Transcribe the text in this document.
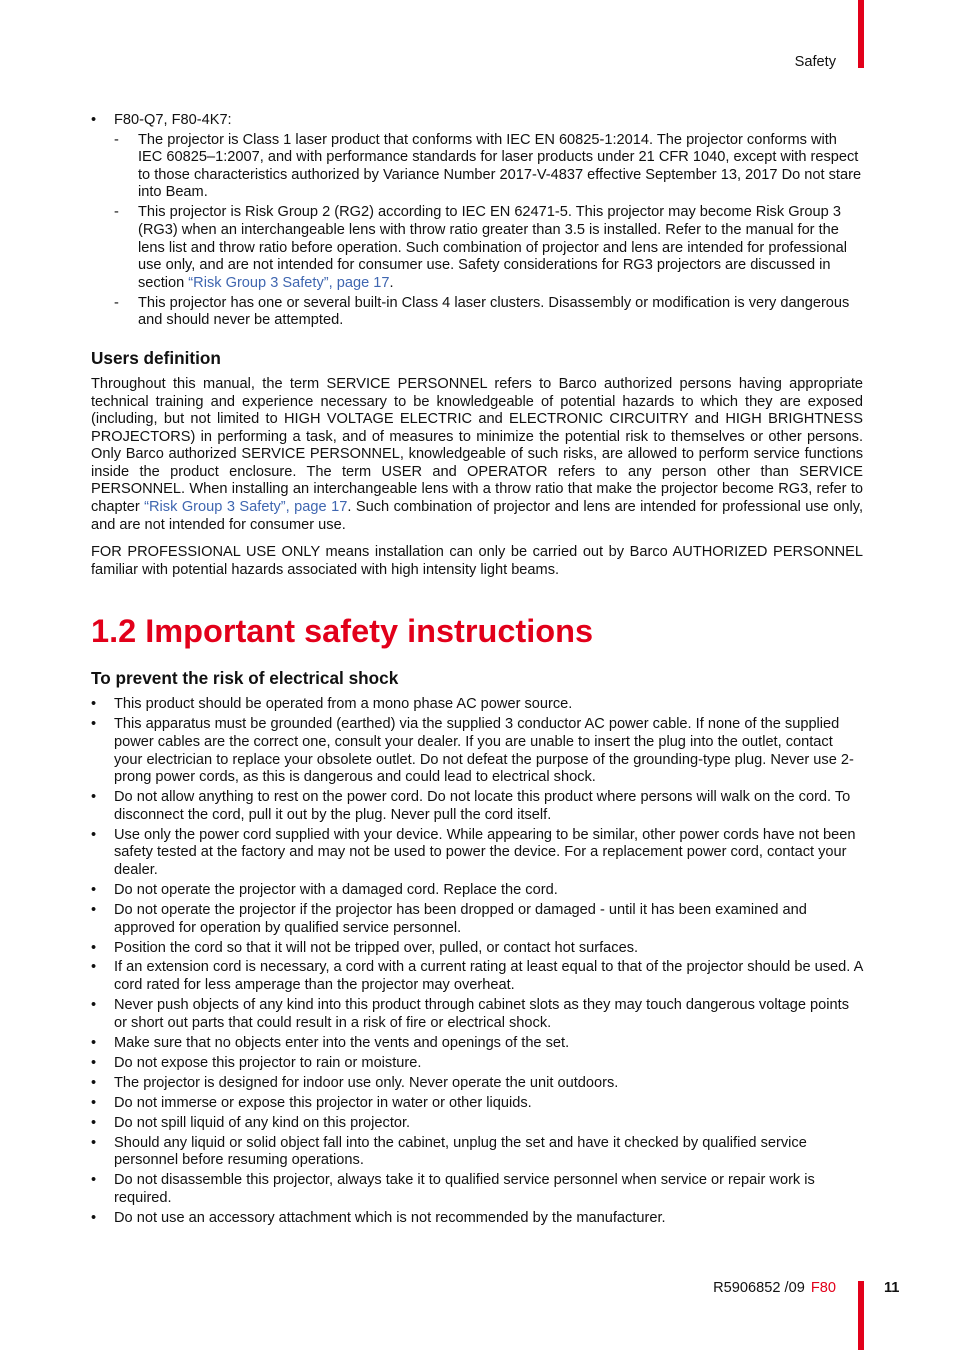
Safety
• F80-Q7, F80-4K7:
- The projector is Class 1 laser product that conforms with IEC EN 60825-1:2014. The projector conforms with IEC 60825–1:2007, and with performance standards for laser products under 21 CFR 1040, except with respect to those characteristics authorized by Variance Number 2017-V-4837 effective September 13, 2017 Do not stare into Beam.
- This projector is Risk Group 2 (RG2) according to IEC EN 62471-5. This projector may become Risk Group 3 (RG3) when an interchangeable lens with throw ratio greater than 3.5 is installed. Refer to the manual for the lens list and throw ratio before operation. Such combination of projector and lens are intended for professional use only, and are not intended for consumer use. Safety considerations for RG3 projectors are discussed in section “Risk Group 3 Safety”, page 17.
- This projector has one or several built-in Class 4 laser clusters. Disassembly or modification is very dangerous and should never be attempted.
Users definition

Throughout this manual, the term SERVICE PERSONNEL refers to Barco authorized persons having appropriate technical training and experience necessary to be knowledgeable of potential hazards to which they are exposed (including, but not limited to HIGH VOLTAGE ELECTRIC and ELECTRONIC CIRCUITRY and HIGH BRIGHTNESS PROJECTORS) in performing a task, and of measures to minimize the potential risk to themselves or other persons. Only Barco authorized SERVICE PERSONNEL, knowledgeable of such risks, are allowed to perform service functions inside the product enclosure. The term USER and OPERATOR refers to any person other than SERVICE PERSONNEL. When installing an interchangeable lens with a throw ratio that make the projector become RG3, refer to chapter “Risk Group 3 Safety”, page 17. Such combination of projector and lens are intended for professional use only, and are not intended for consumer use.

FOR PROFESSIONAL USE ONLY means installation can only be carried out by Barco AUTHORIZED PERSONNEL familiar with potential hazards associated with high intensity light beams.

1.2 Important safety instructions
To prevent the risk of electrical shock
• This product should be operated from a mono phase AC power source.
• This apparatus must be grounded (earthed) via the supplied 3 conductor AC power cable. If none of the supplied power cables are the correct one, consult your dealer. If you are unable to insert the plug into the outlet, contact your electrician to replace your obsolete outlet. Do not defeat the purpose of the grounding-type plug. Never use 2-prong power cords, as this is dangerous and could lead to electrical shock.
• Do not allow anything to rest on the power cord. Do not locate this product where persons will walk on the cord. To disconnect the cord, pull it out by the plug. Never pull the cord itself.
• Use only the power cord supplied with your device. While appearing to be similar, other power cords have not been safety tested at the factory and may not be used to power the device. For a replacement power cord, contact your dealer.
• Do not operate the projector with a damaged cord. Replace the cord.
• Do not operate the projector if the projector has been dropped or damaged - until it has been examined and approved for operation by qualified service personnel.
• Position the cord so that it will not be tripped over, pulled, or contact hot surfaces.
• If an extension cord is necessary, a cord with a current rating at least equal to that of the projector should be used. A cord rated for less amperage than the projector may overheat.
• Never push objects of any kind into this product through cabinet slots as they may touch dangerous voltage points or short out parts that could result in a risk of fire or electrical shock.
• Make sure that no objects enter into the vents and openings of the set.
• Do not expose this projector to rain or moisture.
• The projector is designed for indoor use only. Never operate the unit outdoors.
• Do not immerse or expose this projector in water or other liquids.
• Do not spill liquid of any kind on this projector.
• Should any liquid or solid object fall into the cabinet, unplug the set and have it checked by qualified service personnel before resuming operations.
• Do not disassemble this projector, always take it to qualified service personnel when service or repair work is required.
• Do not use an accessory attachment which is not recommended by the manufacturer.
R5906852 /09 F80	11
